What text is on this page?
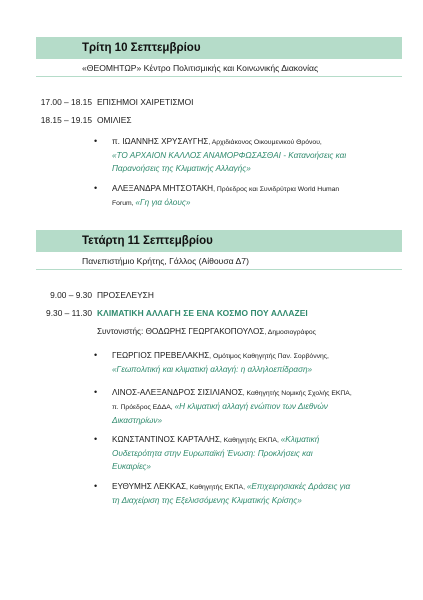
Τρίτη 10 Σεπτεμβρίου
«ΘΕΟΜΗΤΩΡ» Κέντρο Πολιτισμικής και Κοινωνικής Διακονίας
17.00 – 18.15 ΕΠΙΣΗΜΟΙ ΧΑΙΡΕΤΙΣΜΟΙ
18.15 – 19.15 ΟΜΙΛΙΕΣ
• π. ΙΩΑΝΝΗΣ ΧΡΥΣΑΥΓΗΣ, Αρχιδιάκονος Οικουμενικού Θρόνου,
«ΤΟ ΑΡΧΑΙΟΝ ΚΑΛΛΟΣ ΑΝΑΜΟΡΦΩΣΑΣΘΑΙ - Κατανοήσεις και
Παρανοήσεις της Κλιματικής Αλλαγής»
• ΑΛΕΞΑΝΔΡΑ ΜΗΤΣΟΤΑΚΗ, Πρόεδρος και Συνιδρύτρια World Human
Forum, «Γη για όλους»
Τετάρτη 11 Σεπτεμβρίου
Πανεπιστήμιο Κρήτης, Γάλλος (Αίθουσα Δ7)
9.00 – 9.30 ΠΡΟΣΕΛΕΥΣΗ
9.30 – 11.30 ΚΛΙΜΑΤΙΚΗ ΑΛΛΑΓΗ ΣΕ ΕΝΑ ΚΟΣΜΟ ΠΟΥ ΑΛΛΑΖΕΙ
Συντονιστής: ΘΟΔΩΡΗΣ ΓΕΩΡΓΑΚΟΠΟΥΛΟΣ, Δημοσιογράφος
• ΓΕΩΡΓΙΟΣ ΠΡΕΒΕΛΑΚΗΣ, Ομότιμος Καθηγητής Παν. Σορβόννης,
«Γεωπολιτική και κλιματική αλλαγή: η αλληλοεπίδραση»
• ΛΙΝΟΣ-ΑΛΕΞΑΝΔΡΟΣ ΣΙΣΙΛΙΑΝΟΣ, Καθηγητής Νομικής Σχολής ΕΚΠΑ,
π. Πρόεδρος ΕΔΔΑ, «Η κλιματική αλλαγή ενώπιον των Διεθνών
Δικαστηρίων»
• ΚΩΝΣΤΑΝΤΙΝΟΣ ΚΑΡΤΑΛΗΣ, Καθηγητής ΕΚΠΑ, «Κλιματική
Ουδετερότητα στην Ευρωπαϊκή Ένωση: Προκλήσεις και
Ευκαιρίες»
• ΕΥΘΥΜΗΣ ΛΕΚΚΑΣ, Καθηγητής ΕΚΠΑ, «Επιχειρησιακές Δράσεις για
τη Διαχείριση της Εξελισσόμενης Κλιματικής Κρίσης»
